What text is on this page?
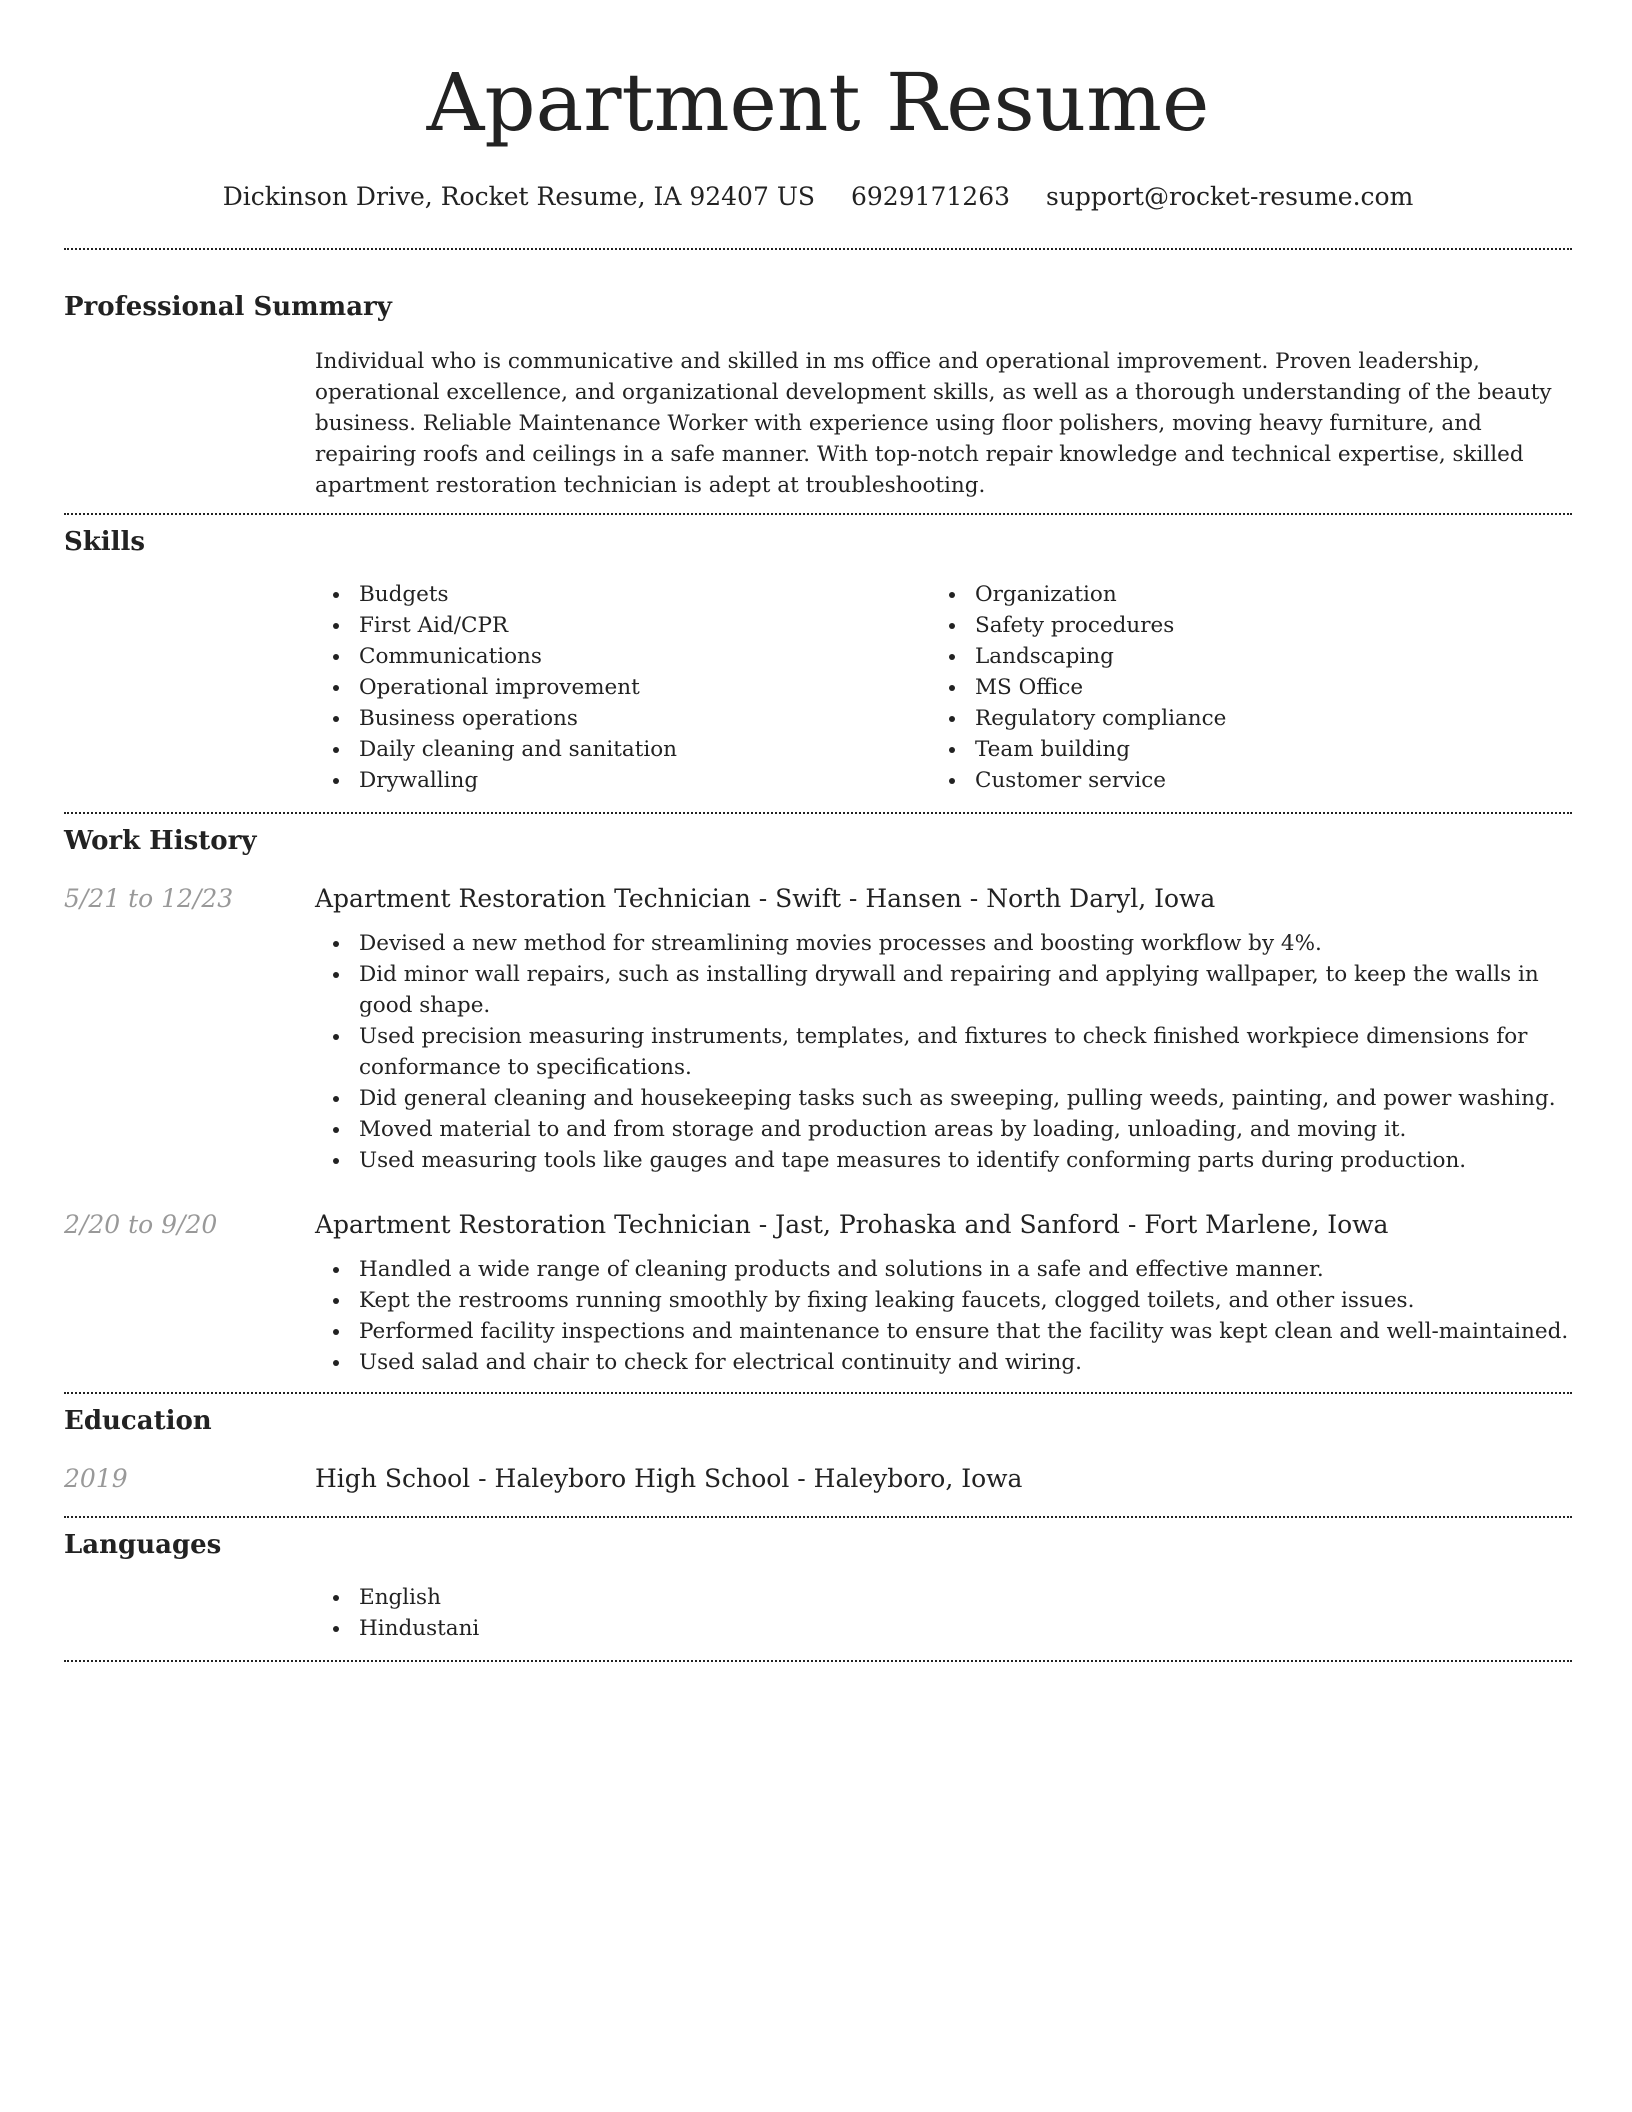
Apartment Resume
Dickinson Drive, Rocket Resume, IA 92407 US 6929171263 support@rocket-resume.com
Professional Summary

Individual who is communicative and skilled in ms office and operational improvement. Proven leadership, operational excellence, and organizational development skills, as well as a thorough understanding of the beauty business. Reliable Maintenance Worker with experience using floor polishers, moving heavy furniture, and repairing roofs and ceilings in a safe manner. With top-notch repair knowledge and technical expertise, skilled apartment restoration technician is adept at troubleshooting.

Skills
Budgets
First Aid/CPR
Communications
Operational improvement
Business operations
Daily cleaning and sanitation
Drywalling
Organization
Safety procedures
Landscaping
MS Office
Regulatory compliance
Team building
Customer service
Work History
5/21 to 12/23	Apartment Restoration Technician - Swift - Hansen - North Daryl, Iowa
Devised a new method for streamlining movies processes and boosting workflow by 4%.
Did minor wall repairs, such as installing drywall and repairing and applying wallpaper, to keep the walls in good shape.
Used precision measuring instruments, templates, and fixtures to check finished workpiece dimensions for conformance to specifications.
Did general cleaning and housekeeping tasks such as sweeping, pulling weeds, painting, and power washing.
Moved material to and from storage and production areas by loading, unloading, and moving it.
Used measuring tools like gauges and tape measures to identify conforming parts during production.
2/20 to 9/20	Apartment Restoration Technician - Jast, Prohaska and Sanford - Fort Marlene, Iowa
Handled a wide range of cleaning products and solutions in a safe and effective manner.
Kept the restrooms running smoothly by fixing leaking faucets, clogged toilets, and other issues.
Performed facility inspections and maintenance to ensure that the facility was kept clean and well-maintained.
Used salad and chair to check for electrical continuity and wiring.
Education
2019	High School - Haleyboro High School - Haleyboro, Iowa
Languages
English
Hindustani
